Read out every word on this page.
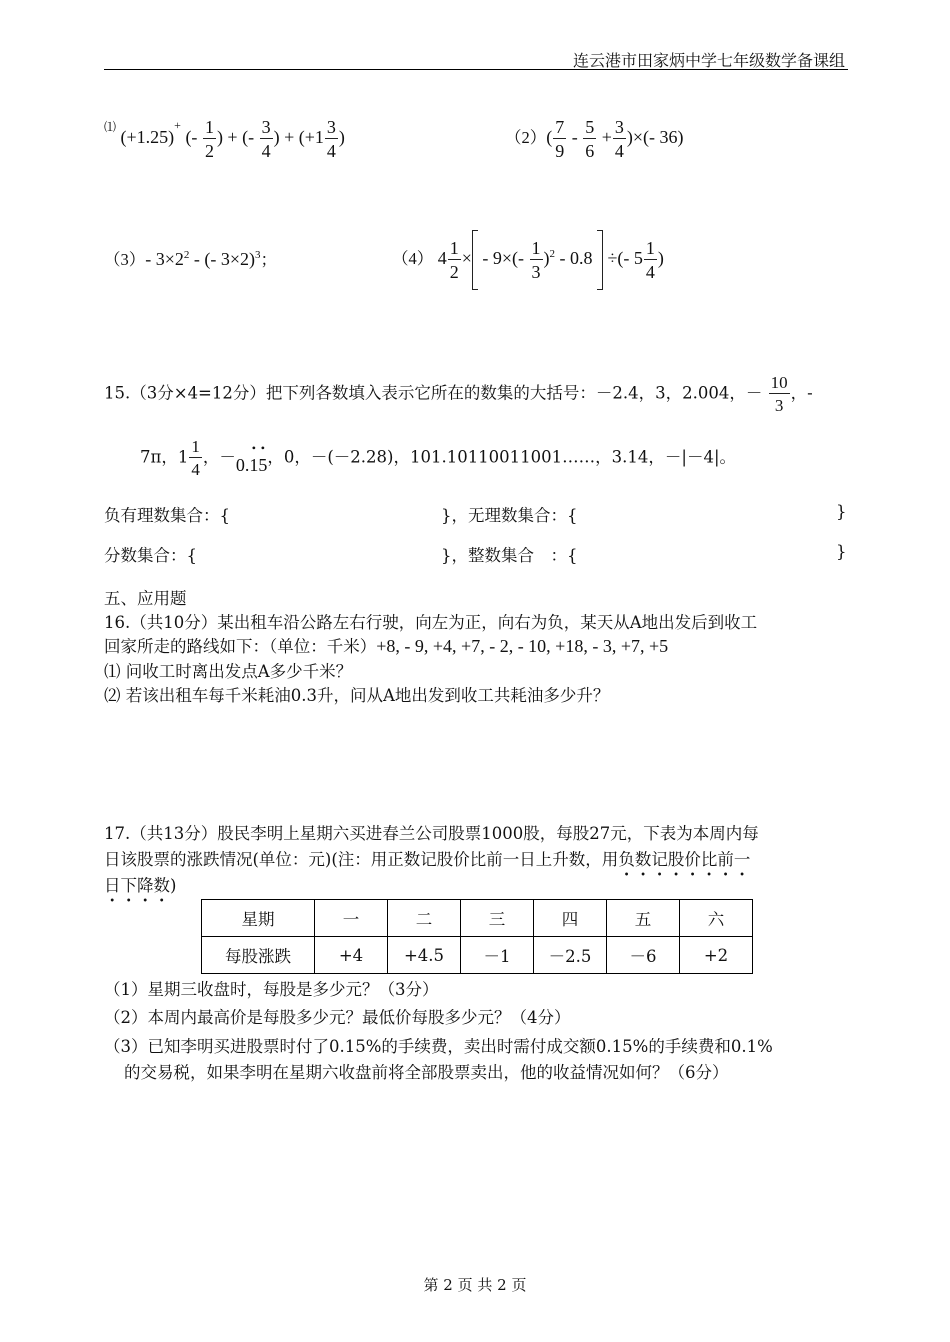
连云港市田家炳中学七年级数学备课组
⑴ (+1.25)+ (- $\frac{1}{2}$ ) + (- $\frac{3}{4}$ ) + ($+1 \frac{3}{4}$ )	$(2)( \frac{7}{9} - \frac{5}{6} + \frac{3}{4}$ )×(- 36)
（3）- $3\times 2^2$ - (- 3×2)$^3$；	（4） $4 \frac{1}{2}$ × - $9\times(- \frac{1}{3} )^2 - 0.8$ ÷(- $5 \frac{1}{4}$ )
15.（3分×4=12分）把下列各数填入表示它所在的数集的大括号：－2.4，3，2.004，－ $\frac{10}{3}$ ，-
7π，$1 \frac{1}{4}$ ，－0.• 1• 5，0，－(－2.28)，101.10110011001……，3.14，－|－4|。
负有理数集合：{	}，无理数集合：{	}
分数集合：{	}，整数集合　：{	}
五、应用题
16.（共10分）某出租车沿公路左右行驶，向左为正，向右为负，某天从A地出发后到收工
回家所走的路线如下：（单位：千米）+8, - 9, +4, +7, - 2, - 10, +18, - 3, +7, +5
⑴ 问收工时离出发点A多少千米？
⑵ 若该出租车每千米耗油0.3升，问从A地出发到收工共耗油多少升？
17.（共13分）股民李明上星期六买进春兰公司股票1000股，每股27元，下表为本周内每
日该股票的涨跌情况(单位：元)(注：用正数记股价比前一日上升数，用负数记股价比前一
日下降数)
星期	一	二	三	四	五	六
每股涨跌	+4	+4.5	－1	－2.5	－6	+2
（1）星期三收盘时，每股是多少元？（3分）
（2）本周内最高价是每股多少元？最低价每股多少元？（4分）
（3）已知李明买进股票时付了0.15%的手续费，卖出时需付成交额0.15%的手续费和0.1%
的交易税，如果李明在星期六收盘前将全部股票卖出，他的收益情况如何？（6分）
第 2 页 共 2 页
